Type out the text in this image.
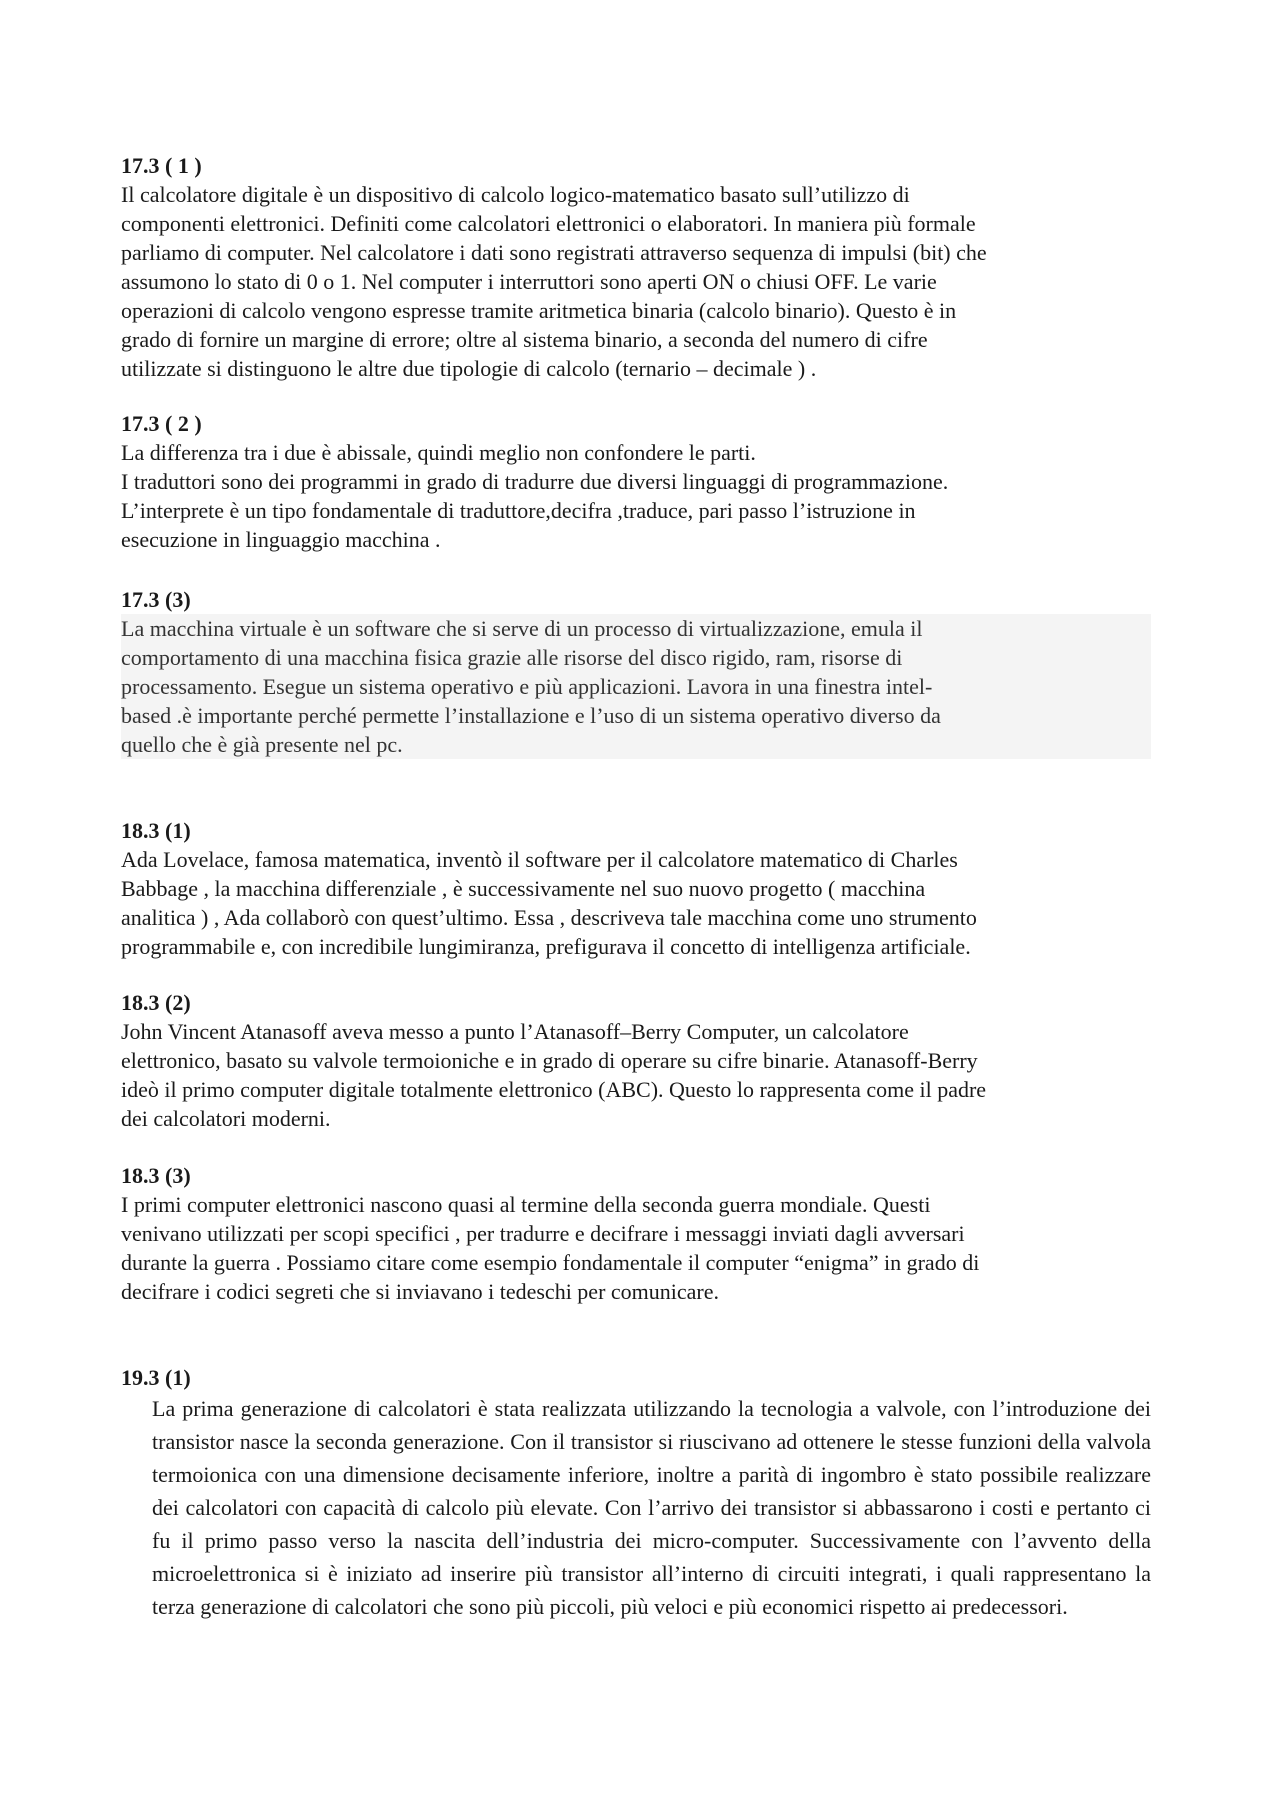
17.3 ( 1 )

Il calcolatore digitale è un dispositivo di calcolo logico-matematico basato sull’utilizzo di
componenti elettronici. Definiti come calcolatori elettronici o elaboratori. In maniera più formale
parliamo di computer. Nel calcolatore i dati sono registrati attraverso sequenza di impulsi (bit) che
assumono lo stato di 0 o 1. Nel computer i interruttori sono aperti ON o chiusi OFF. Le varie
operazioni di calcolo vengono espresse tramite aritmetica binaria (calcolo binario). Questo è in
grado di fornire un margine di errore; oltre al sistema binario, a seconda del numero di cifre
utilizzate si distinguono le altre due tipologie di calcolo (ternario – decimale ) .

17.3 ( 2 )

La differenza tra i due è abissale, quindi meglio non confondere le parti.
I traduttori sono dei programmi in grado di tradurre due diversi linguaggi di programmazione.
L’interprete è un tipo fondamentale di traduttore,decifra ,traduce, pari passo l’istruzione in
esecuzione in linguaggio macchina .

17.3 (3)

La macchina virtuale è un software che si serve di un processo di virtualizzazione, emula il
comportamento di una macchina fisica grazie alle risorse del disco rigido, ram, risorse di
processamento. Esegue un sistema operativo e più applicazioni. Lavora in una finestra intel-
based .è importante perché permette l’installazione e l’uso di un sistema operativo diverso da
quello che è già presente nel pc.

18.3 (1)

Ada Lovelace, famosa matematica, inventò il software per il calcolatore matematico di Charles
Babbage , la macchina differenziale , è successivamente nel suo nuovo progetto ( macchina
analitica ) , Ada collaborò con quest’ultimo. Essa , descriveva tale macchina come uno strumento
programmabile e, con incredibile lungimiranza, prefigurava il concetto di intelligenza artificiale.

18.3 (2)

John Vincent Atanasoff aveva messo a punto l’Atanasoff–Berry Computer, un calcolatore
elettronico, basato su valvole termoioniche e in grado di operare su cifre binarie. Atanasoff-Berry
ideò il primo computer digitale totalmente elettronico (ABC). Questo lo rappresenta come il padre
dei calcolatori moderni.

18.3 (3)

I primi computer elettronici nascono quasi al termine della seconda guerra mondiale. Questi
venivano utilizzati per scopi specifici , per tradurre e decifrare i messaggi inviati dagli avversari
durante la guerra . Possiamo citare come esempio fondamentale il computer “enigma” in grado di
decifrare i codici segreti che si inviavano i tedeschi per comunicare.

19.3 (1)

La prima generazione di calcolatori è stata realizzata utilizzando la tecnologia a valvole, con l’introduzione dei transistor nasce la seconda generazione. Con il transistor si riuscivano ad ottenere le stesse funzioni della valvola termoionica con una dimensione decisamente inferiore, inoltre a parità di ingombro è stato possibile realizzare dei calcolatori con capacità di calcolo più elevate. Con l’arrivo dei transistor si abbassarono i costi e pertanto ci fu il primo passo verso la nascita dell’industria dei micro-computer. Successivamente con l’avvento della microelettronica si è iniziato ad inserire più transistor all’interno di circuiti integrati, i quali rappresentano la terza generazione di calcolatori che sono più piccoli, più veloci e più economici rispetto ai predecessori.
